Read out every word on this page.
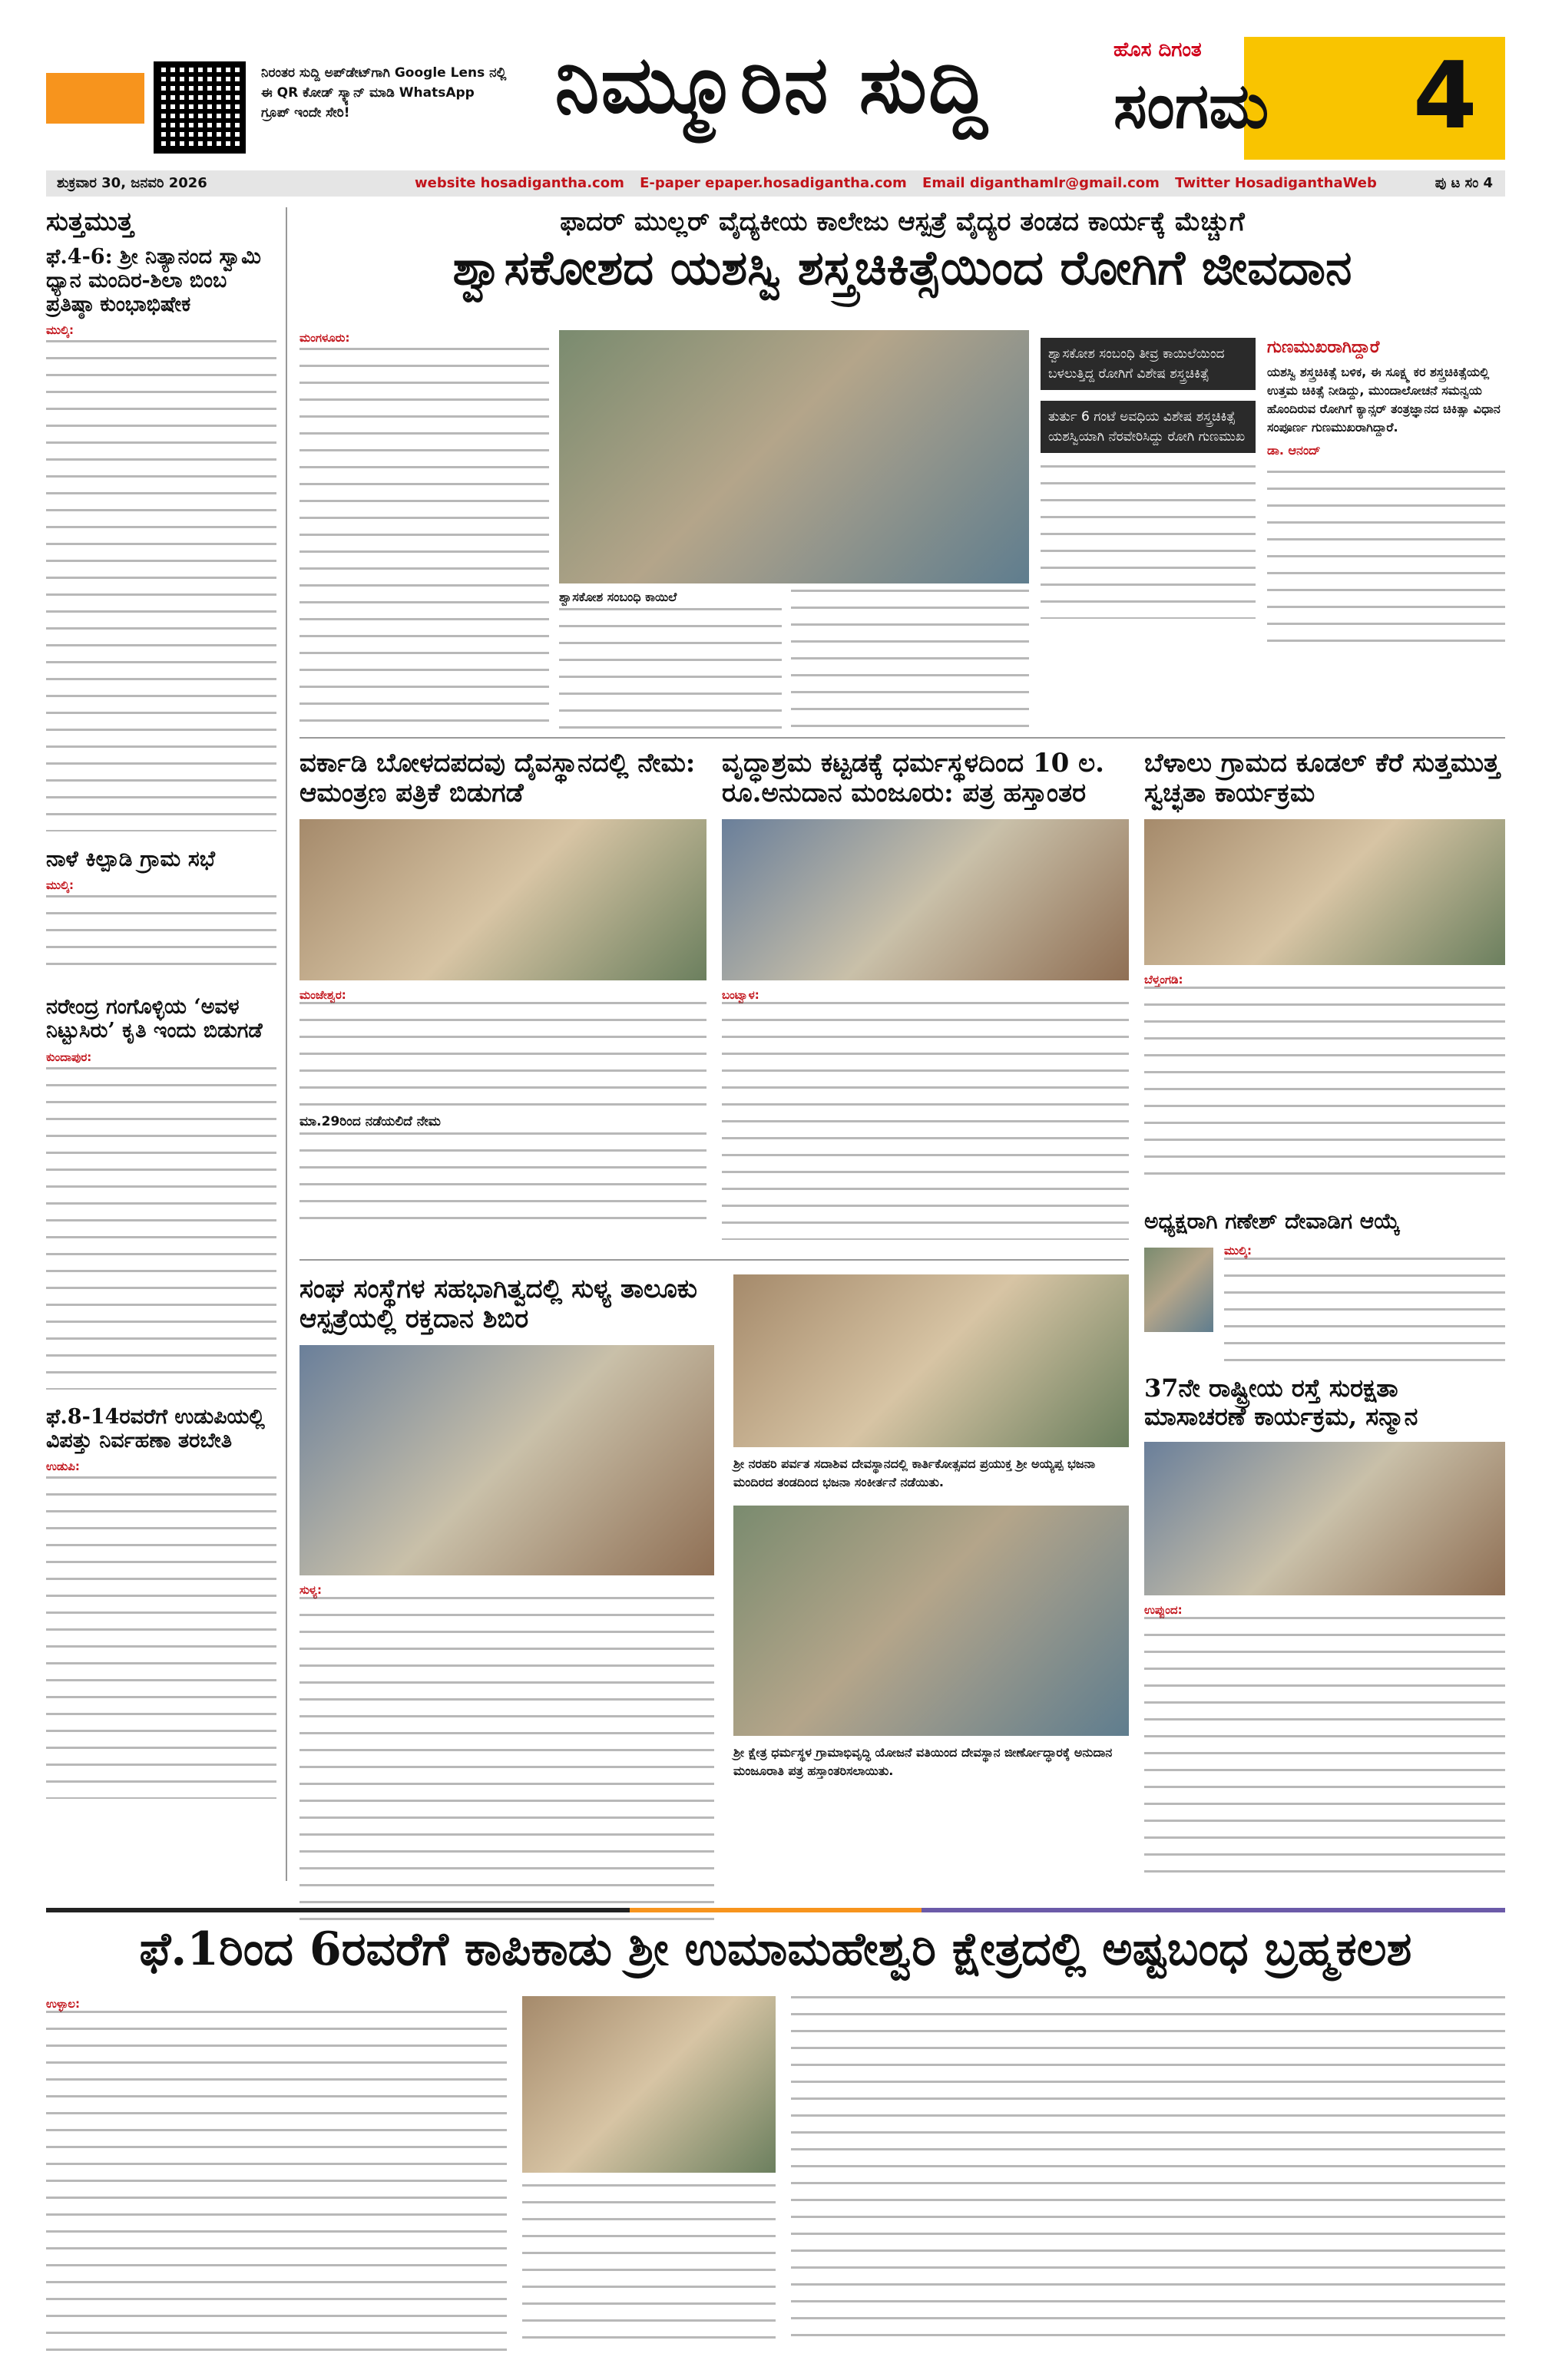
ನಿರಂತರ ಸುದ್ದಿ ಅಪ್‌ಡೇಟ್‌ಗಾಗಿ Google Lens ನಲ್ಲಿ ಈ QR ಕೋಡ್ ಸ್ಕ್ಯಾನ್ ಮಾಡಿ WhatsApp ಗ್ರೂಪ್ ಇಂದೇ ಸೇರಿ!	ನಿಮ್ಮೂರಿನ ಸುದ್ದಿ	ಹೊಸ ದಿಗಂತ
ಸಂಗಮ 4
ಶುಕ್ರವಾರ 30, ಜನವರಿ 2026	website hosadigantha.com E-paper epaper.hosadigantha.com Email diganthamlr@gmail.com Twitter HosadiganthaWeb	ಪು ಟ ಸಂ 4
ಸುತ್ತಮುತ್ತ
ಫೆ.4-6: ಶ್ರೀ ನಿತ್ಯಾನಂದ ಸ್ವಾಮಿ ಧ್ಯಾನ ಮಂದಿರ-ಶಿಲಾ ಬಿಂಬ ಪ್ರತಿಷ್ಠಾ ಕುಂಭಾಭಿಷೇಕ
ಮುಲ್ಕಿ:
ನಾಳೆ ಕಿಲ್ಪಾಡಿ ಗ್ರಾಮ ಸಭೆ
ಮುಲ್ಕಿ:
ನರೇಂದ್ರ ಗಂಗೊಳ್ಳಿಯ ‘ಅವಳ ನಿಟ್ಟುಸಿರು’ ಕೃತಿ ಇಂದು ಬಿಡುಗಡೆ
ಕುಂದಾಪುರ:
ಫೆ.8-14ರವರೆಗೆ ಉಡುಪಿಯಲ್ಲಿ ವಿಪತ್ತು ನಿರ್ವಹಣಾ ತರಬೇತಿ
ಉಡುಪಿ:
ಫಾದರ್ ಮುಲ್ಲರ್ ವೈದ್ಯಕೀಯ ಕಾಲೇಜು ಆಸ್ಪತ್ರೆ ವೈದ್ಯರ ತಂಡದ ಕಾರ್ಯಕ್ಕೆ ಮೆಚ್ಚುಗೆ
ಶ್ವಾಸಕೋಶದ ಯಶಸ್ವಿ ಶಸ್ತ್ರಚಿಕಿತ್ಸೆಯಿಂದ ರೋಗಿಗೆ ಜೀವದಾನ
ಮಂಗಳೂರು:
ಶ್ವಾಸಕೋಶ ಸಂಬಂಧಿ ಕಾಯಿಲೆ
ಶ್ವಾಸಕೋಶ ಸಂಬಂಧಿ ತೀವ್ರ ಕಾಯಿಲೆಯಿಂದ ಬಳಲುತ್ತಿದ್ದ ರೋಗಿಗೆ ವಿಶೇಷ ಶಸ್ತ್ರಚಿಕಿತ್ಸೆ
ತುರ್ತು 6 ಗಂಟೆ ಅವಧಿಯ ವಿಶೇಷ ಶಸ್ತ್ರಚಿಕಿತ್ಸೆ ಯಶಸ್ವಿಯಾಗಿ ನೆರವೇರಿಸಿದ್ದು ರೋಗಿ ಗುಣಮುಖ
ಗುಣಮುಖರಾಗಿದ್ದಾರೆ
ಯಶಸ್ವಿ ಶಸ್ತ್ರಚಿಕಿತ್ಸೆ ಬಳಿಕ, ಈ ಸೂಕ್ಷ್ಮ ಕರ ಶಸ್ತ್ರಚಿಕಿತ್ಸೆಯಲ್ಲಿ ಉತ್ತಮ ಚಿಕಿತ್ಸೆ ನೀಡಿದ್ದು, ಮುಂದಾಲೋಚನೆ ಸಮನ್ವಯ ಹೊಂದಿರುವ ರೋಗಿಗೆ ಕ್ಯಾನ್ಸರ್ ತಂತ್ರಜ್ಞಾನದ ಚಿಕಿತ್ಸಾ ವಿಧಾನ ಸಂಪೂರ್ಣ ಗುಣಮುಖರಾಗಿದ್ದಾರೆ.
ಡಾ. ಆನಂದ್
ವರ್ಕಾಡಿ ಬೋಳದಪದವು ದೈವಸ್ಥಾನದಲ್ಲಿ ನೇಮ: ಆಮಂತ್ರಣ ಪತ್ರಿಕೆ ಬಿಡುಗಡೆ
ಮಂಜೇಶ್ವರ:
ಮಾ.29ರಿಂದ ನಡೆಯಲಿದೆ ನೇಮ
ವೃದ್ಧಾಶ್ರಮ ಕಟ್ಟಡಕ್ಕೆ ಧರ್ಮಸ್ಥಳದಿಂದ 10 ಲ. ರೂ.ಅನುದಾನ ಮಂಜೂರು: ಪತ್ರ ಹಸ್ತಾಂತರ
ಬಂಟ್ವಾಳ:
ಬೆಳಾಲು ಗ್ರಾಮದ ಕೂಡಲ್ ಕೆರೆ ಸುತ್ತಮುತ್ತ ಸ್ವಚ್ಛತಾ ಕಾರ್ಯಕ್ರಮ
ಬೆಳ್ತಂಗಡಿ:
ಅಧ್ಯಕ್ಷರಾಗಿ ಗಣೇಶ್ ದೇವಾಡಿಗ ಆಯ್ಕೆ
ಮುಲ್ಕಿ:
ಸಂಘ ಸಂಸ್ಥೆಗಳ ಸಹಭಾಗಿತ್ವದಲ್ಲಿ ಸುಳ್ಯ ತಾಲೂಕು ಆಸ್ಪತ್ರೆಯಲ್ಲಿ ರಕ್ತದಾನ ಶಿಬಿರ
ಸುಳ್ಯ:
ಶ್ರೀ ನರಹರಿ ಪರ್ವತ ಸದಾಶಿವ ದೇವಸ್ಥಾನದಲ್ಲಿ ಕಾರ್ತಿಕೋತ್ಸವದ ಪ್ರಯುಕ್ತ ಶ್ರೀ ಅಯ್ಯಪ್ಪ ಭಜನಾ ಮಂದಿರದ ತಂಡದಿಂದ ಭಜನಾ ಸಂಕೀರ್ತನೆ ನಡೆಯಿತು.
ಶ್ರೀ ಕ್ಷೇತ್ರ ಧರ್ಮಸ್ಥಳ ಗ್ರಾಮಾಭಿವೃದ್ಧಿ ಯೋಜನೆ ವತಿಯಿಂದ ದೇವಸ್ಥಾನ ಜೀರ್ಣೋದ್ಧಾರಕ್ಕೆ ಅನುದಾನ ಮಂಜೂರಾತಿ ಪತ್ರ ಹಸ್ತಾಂತರಿಸಲಾಯಿತು.
37ನೇ ರಾಷ್ಟ್ರೀಯ ರಸ್ತೆ ಸುರಕ್ಷತಾ ಮಾಸಾಚರಣೆ ಕಾರ್ಯಕ್ರಮ, ಸನ್ಮಾನ
ಉಪ್ಪುಂದ:
ಫೆ.1ರಿಂದ 6ರವರೆಗೆ ಕಾಪಿಕಾಡು ಶ್ರೀ ಉಮಾಮಹೇಶ್ವರಿ ಕ್ಷೇತ್ರದಲ್ಲಿ ಅಷ್ಟಬಂಧ ಬ್ರಹ್ಮಕಲಶ
ಉಳ್ಳಾಲ:
